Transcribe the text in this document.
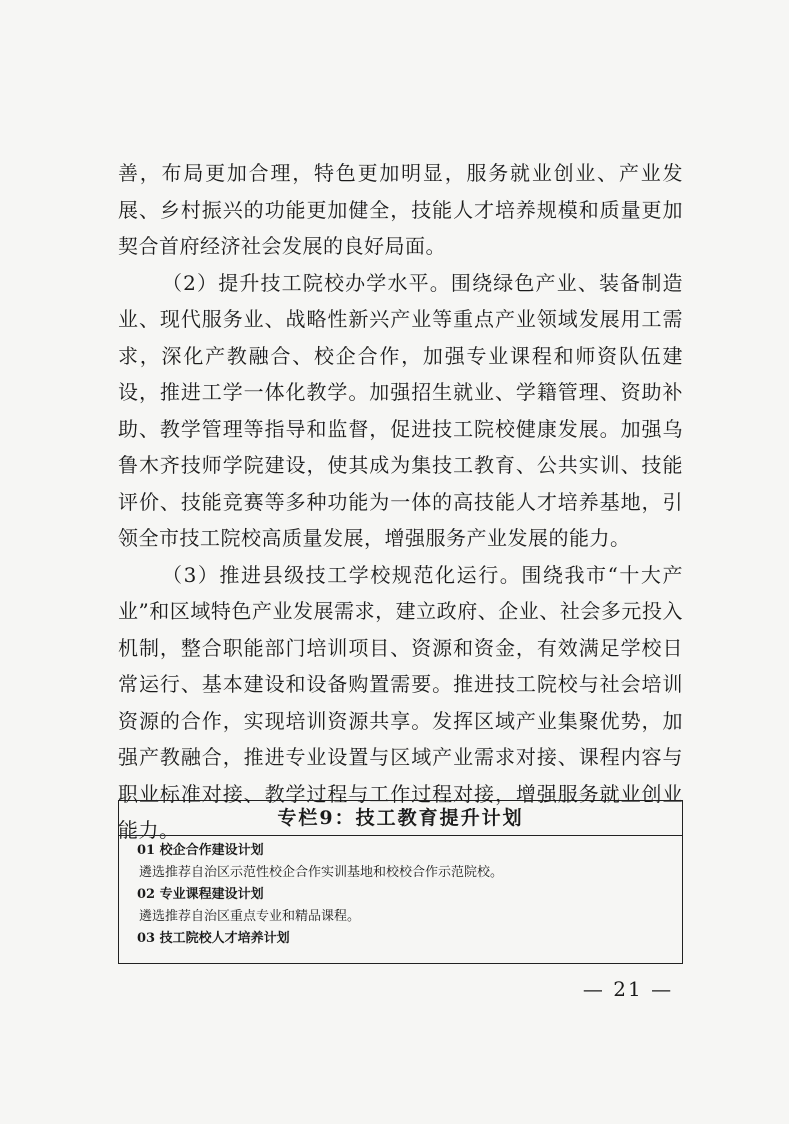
善，布局更加合理，特色更加明显，服务就业创业、产业发展、乡村振兴的功能更加健全，技能人才培养规模和质量更加契合首府经济社会发展的良好局面。

（2）提升技工院校办学水平。围绕绿色产业、装备制造业、现代服务业、战略性新兴产业等重点产业领域发展用工需求，深化产教融合、校企合作，加强专业课程和师资队伍建设，推进工学一体化教学。加强招生就业、学籍管理、资助补助、教学管理等指导和监督，促进技工院校健康发展。加强乌鲁木齐技师学院建设，使其成为集技工教育、公共实训、技能评价、技能竞赛等多种功能为一体的高技能人才培养基地，引领全市技工院校高质量发展，增强服务产业发展的能力。

（3）推进县级技工学校规范化运行。围绕我市“十大产业”和区域特色产业发展需求，建立政府、企业、社会多元投入机制，整合职能部门培训项目、资源和资金，有效满足学校日常运行、基本建设和设备购置需要。推进技工院校与社会培训资源的合作，实现培训资源共享。发挥区域产业集聚优势，加强产教融合，推进专业设置与区域产业需求对接、课程内容与职业标准对接、教学过程与工作过程对接，增强服务就业创业能力。	专栏9：技工教育提升计划
01 校企合作建设计划
遴选推荐自治区示范性校企合作实训基地和校校合作示范院校。
02 专业课程建设计划
遴选推荐自治区重点专业和精品课程。
03 技工院校人才培养计划
— 21 —
